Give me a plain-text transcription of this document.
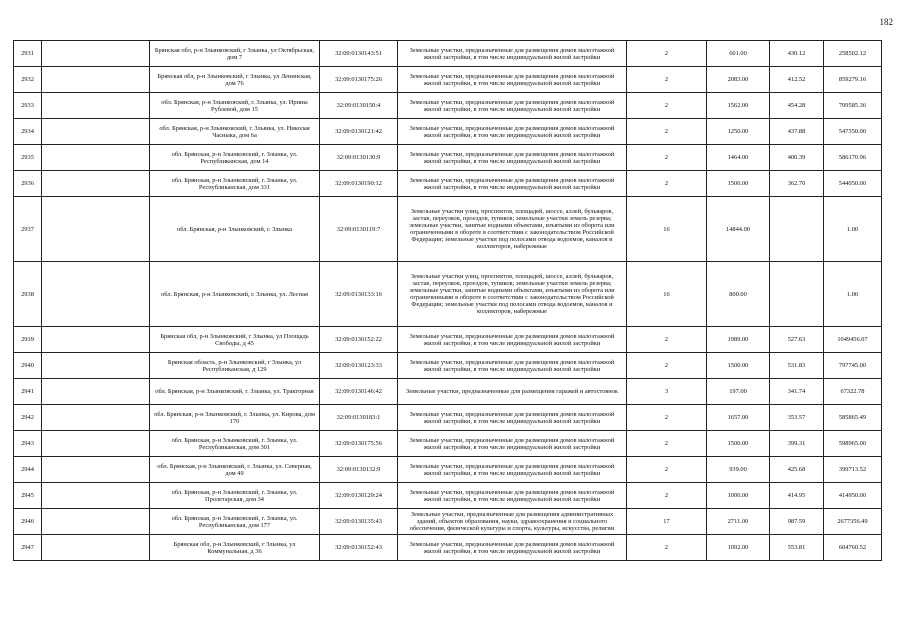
182
2931		Брянская обл, р-н Злынковский, г Злынка, ул Октябрьская, дом 7	32:09:0130143:51	Земельные участки, предназначенные для размещения домов малоэтажной жилой застройки, в том числе индивидуальной жилой застройки	2	601.00	430.12	258502.12
2932		Брянская обл, р-н Злынковский, г Злынка, ул Ленинская, дом 76	32:09:0130175:26	Земельные участки, предназначенные для размещения домов малоэтажной жилой застройки, в том числе индивидуальной жилой застройки	2	2083.00	412.52	859279.16
2933		обл. Брянская, р-н Злынковский, г. Злынка, ул. Ирины Рублевой, дом 15	32:09:0130150:4	Земельные участки, предназначенные для размещения домов малоэтажной жилой застройки, в том числе индивидуальной жилой застройки	2	1562.00	454.28	709585.36
2934		обл. Брянская, р-н Злынковский, г. Злынка, ул. Николая Часныка, дом 6а	32:09:0130121:42	Земельные участки, предназначенные для размещения домов малоэтажной жилой застройки, в том числе индивидуальной жилой застройки	2	1250.00	437.88	547350.00
2935		обл. Брянская, р-н Злынковский, г. Злынка, ул. Республиканская, дом 14	32:09:0130130:9	Земельные участки, предназначенные для размещения домов малоэтажной жилой застройки, в том числе индивидуальной жилой застройки	2	1464.00	400.39	586170.96
2936		обл. Брянская, р-н Злынковский, г. Злынка, ул. Республиканская, дом 331	32:09:0130190:12	Земельные участки, предназначенные для размещения домов малоэтажной жилой застройки, в том числе индивидуальной жилой застройки	2	1500.00	362.70	544050.00
2937		обл. Брянская, р-н Злынковский, г. Злынка	32:09:0130119:7	Земельные участки улиц, проспектов, площадей, шоссе, аллей, бульваров, застав, переулков, проездов, тупиков; земельные участки земель резерва; земельные участки, занятые водными объектами, изъятыми из оборота или ограниченными в обороте в соответствии с законодательством Российской Федерации; земельные участки под полосами отвода водоемов, каналов и коллекторов, набережные	16	14844.00		1.00
2938		обл. Брянская, р-н Злынковский, г. Злынка, ул. Лесная	32:09:0130133:16	Земельные участки улиц, проспектов, площадей, шоссе, аллей, бульваров, застав, переулков, проездов, тупиков; земельные участки земель резерва; земельные участки, занятые водными объектами, изъятыми из оборота или ограниченными в обороте в соответствии с законодательством Российской Федерации; земельные участки под полосами отвода водоемов, каналов и коллекторов, набережные	16	800.00		1.00
2939		Брянская обл, р-н Злынковский, г Злынка, ул Площадь Свободы, д 45	32:09:0130152:22	Земельные участки, предназначенные для размещения домов малоэтажной жилой застройки, в том числе индивидуальной жилой застройки	2	1989.00	527.63	1049456.07
2940		Брянская область, р-н Злынковский, г Злынка, ул Республиканская, д 129	32:09:0130123:33	Земельные участки, предназначенные для размещения домов малоэтажной жилой застройки, в том числе индивидуальной жилой застройки	2	1500.00	531.83	797745.00
2941		обл. Брянская, р-н Злынковский, г. Злынка, ул. Тракторная	32:09:0130146:42	Земельные участки, предназначенные для размещения гаражей и автостоянок	3	197.00	341.74	67322.78
2942		обл. Брянская, р-н Злынковский, г. Злынка, ул. Кирова, дом 170	32:09:0130183:1	Земельные участки, предназначенные для размещения домов малоэтажной жилой застройки, в том числе индивидуальной жилой застройки	2	1657.00	353.57	585865.49
2943		обл. Брянская, р-н Злынковский, г. Злынка, ул. Республиканская, дом 301	32:09:0130175:56	Земельные участки, предназначенные для размещения домов малоэтажной жилой застройки, в том числе индивидуальной жилой застройки	2	1500.00	399.31	598965.00
2944		обл. Брянская, р-н Злынковский, г. Злынка, ул. Северная, дом 49	32:09:0130132:9	Земельные участки, предназначенные для размещения домов малоэтажной жилой застройки, в том числе индивидуальной жилой застройки	2	939.00	425.68	399713.52
2945		обл. Брянская, р-н Злынковский, г. Злынка, ул. Пролетарская, дом 34	32:09:0130129:24	Земельные участки, предназначенные для размещения домов малоэтажной жилой застройки, в том числе индивидуальной жилой застройки	2	1000.00	414.95	414950.00
2946		обл. Брянская, р-н Злынковский, г. Злынка, ул. Республиканская, дом 177	32:09:0130135:43	Земельные участки, предназначенные для размещения административных зданий, объектов образования, науки, здравоохранения и социального обеспечения, физической культуры и спорта, культуры, искусства, религии	17	2711.00	987.59	2677356.49
2947		Брянская обл, р-н Злынковский, г Злынка, ул Коммунальная, д 36	32:09:0130152:43	Земельные участки, предназначенные для размещения домов малоэтажной жилой застройки, в том числе индивидуальной жилой застройки	2	1092.00	553.81	604760.52
